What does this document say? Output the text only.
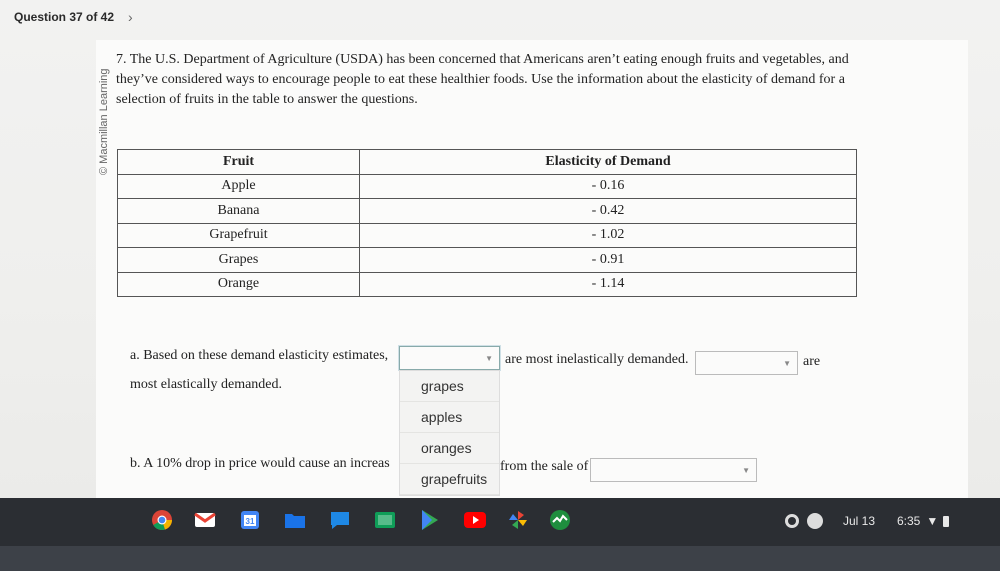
Question 37 of 42 ›
© Macmillan Learning
7. The U.S. Department of Agriculture (USDA) has been concerned that Americans aren’t eating enough fruits and vegetables, and they’ve considered ways to encourage people to eat these healthier foods. Use the information about the elasticity of demand for a selection of fruits in the table to answer the questions.
Fruit	Elasticity of Demand
Apple	- 0.16
Banana	- 0.42
Grapefruit	- 1.02
Grapes	- 0.91
Orange	- 1.14
a. Based on these demand elasticity estimates,	▼ are most inelastically demanded.	▼ are
most elastically demanded.
b. A 10% drop in price would cause an increas	from the sale of	▼
grapes
apples
oranges
grapefruits
31	Jul 13 6:35 ▼
